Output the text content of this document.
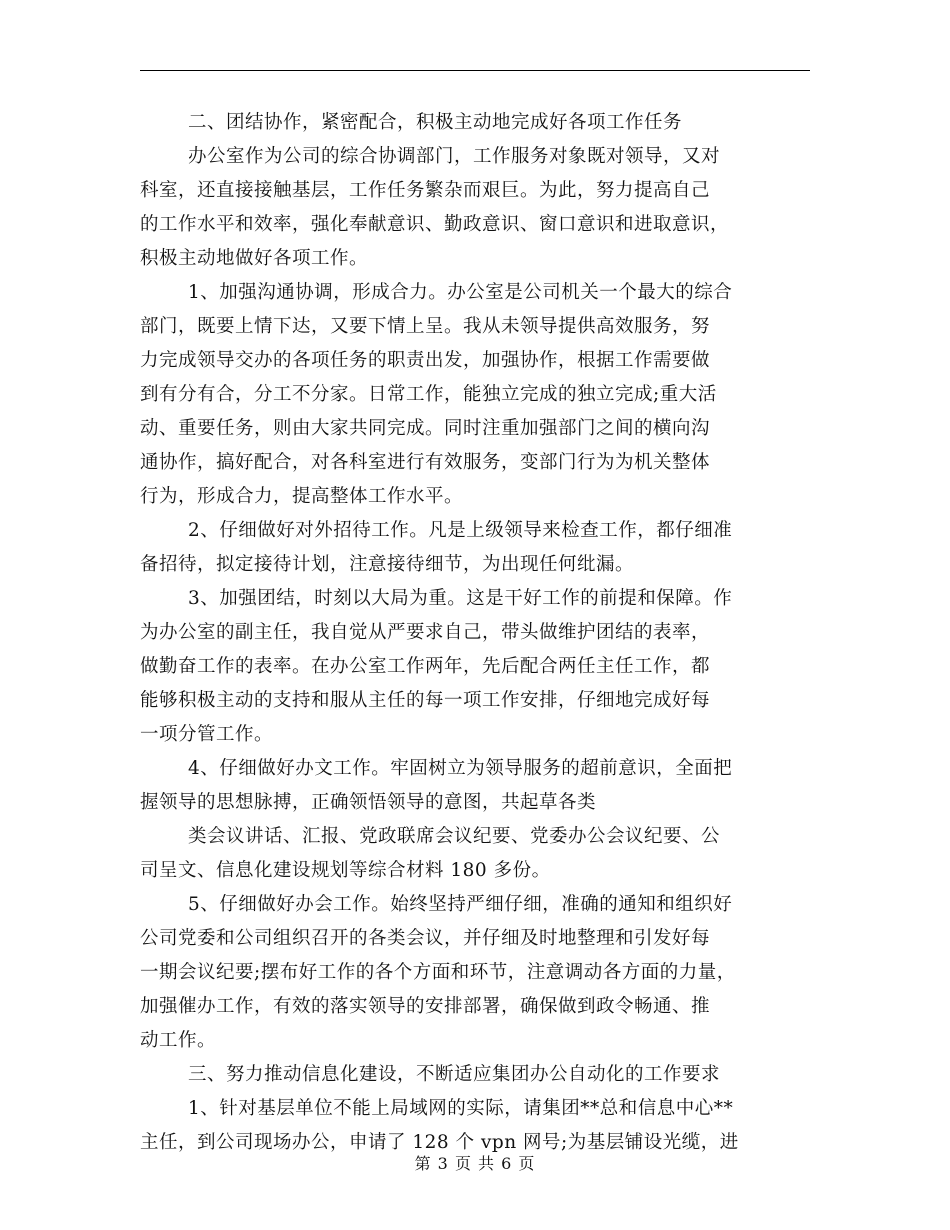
二、团结协作，紧密配合，积极主动地完成好各项工作任务
办公室作为公司的综合协调部门，工作服务对象既对领导，又对
科室，还直接接触基层，工作任务繁杂而艰巨。为此，努力提高自己
的工作水平和效率，强化奉献意识、勤政意识、窗口意识和进取意识，
积极主动地做好各项工作。
1、加强沟通协调，形成合力。办公室是公司机关一个最大的综合
部门，既要上情下达，又要下情上呈。我从未领导提供高效服务，努
力完成领导交办的各项任务的职责出发，加强协作，根据工作需要做
到有分有合，分工不分家。日常工作，能独立完成的独立完成;重大活
动、重要任务，则由大家共同完成。同时注重加强部门之间的横向沟
通协作，搞好配合，对各科室进行有效服务，变部门行为为机关整体
行为，形成合力，提高整体工作水平。
2、仔细做好对外招待工作。凡是上级领导来检查工作，都仔细准
备招待，拟定接待计划，注意接待细节，为出现任何纰漏。
3、加强团结，时刻以大局为重。这是干好工作的前提和保障。作
为办公室的副主任，我自觉从严要求自己，带头做维护团结的表率，
做勤奋工作的表率。在办公室工作两年，先后配合两任主任工作，都
能够积极主动的支持和服从主任的每一项工作安排，仔细地完成好每
一项分管工作。
4、仔细做好办文工作。牢固树立为领导服务的超前意识，全面把
握领导的思想脉搏，正确领悟领导的意图，共起草各类
类会议讲话、汇报、党政联席会议纪要、党委办公会议纪要、公
司呈文、信息化建设规划等综合材料 180 多份。
5、仔细做好办会工作。始终坚持严细仔细，准确的通知和组织好
公司党委和公司组织召开的各类会议，并仔细及时地整理和引发好每
一期会议纪要;摆布好工作的各个方面和环节，注意调动各方面的力量，
加强催办工作，有效的落实领导的安排部署，确保做到政令畅通、推
动工作。
三、努力推动信息化建设，不断适应集团办公自动化的工作要求
1、针对基层单位不能上局域网的实际，请集团**总和信息中心**
主任，到公司现场办公，申请了 128 个 vpn 网号;为基层铺设光缆，进
第 3 页 共 6 页
